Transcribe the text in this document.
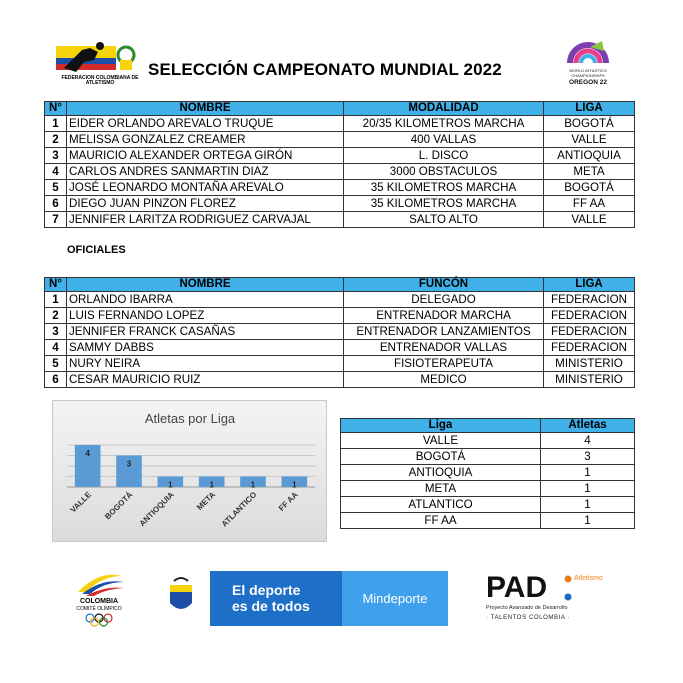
FEDERACION COLOMBIANA DE ATLETISMO
SELECCIÓN CAMPEONATO MUNDIAL 2022	WORLD ATHLETICS CHAMPIONSHIPS
OREGON 22
N°	NOMBRE	MODALIDAD	LIGA
1	EIDER ORLANDO AREVALO TRUQUE	20/35 KILOMETROS MARCHA	BOGOTÁ
2	MELISSA GONZALEZ CREAMER	400 VALLAS	VALLE
3	MAURICIO ALEXANDER ORTEGA GIRÓN	L. DISCO	ANTIOQUIA
4	CARLOS ANDRES SANMARTIN DIAZ	3000 OBSTACULOS	META
5	JOSÉ LEONARDO MONTAÑA AREVALO	35 KILOMETROS MARCHA	BOGOTÁ
6	DIEGO JUAN PINZON FLOREZ	35 KILOMETROS MARCHA	FF AA
7	JENNIFER LARITZA RODRIGUEZ CARVAJAL	SALTO ALTO	VALLE
OFICIALES
N°	NOMBRE	FUNCÓN	LIGA
1	ORLANDO IBARRA	DELEGADO	FEDERACION
2	LUIS FERNANDO LOPEZ	ENTRENADOR MARCHA	FEDERACION
3	JENNIFER FRANCK CASAÑAS	ENTRENADOR LANZAMIENTOS	FEDERACION
4	SAMMY DABBS	ENTRENADOR VALLAS	FEDERACION
5	NURY NEIRA	FISIOTERAPEUTA	MINISTERIO
6	CESAR MAURICIO RUIZ	MEDICO	MINISTERIO
Atletas por Liga
4
3
1	1	1	1
VALLE BOGOTÁ ANTIOQUIA META ATLANTICO FF AA
Liga	Atletas
VALLE	4
BOGOTÁ	3
ANTIOQUIA	1
META	1
ATLANTICO	1
FF AA	1
COLOMBIA
COMITÉ OLÍMPICO
El deporte
es de todos	Mindeporte	PAD	Atletismo
Proyecto Avanzado de Desarrollo
· TALENTOS COLOMBIA ·
